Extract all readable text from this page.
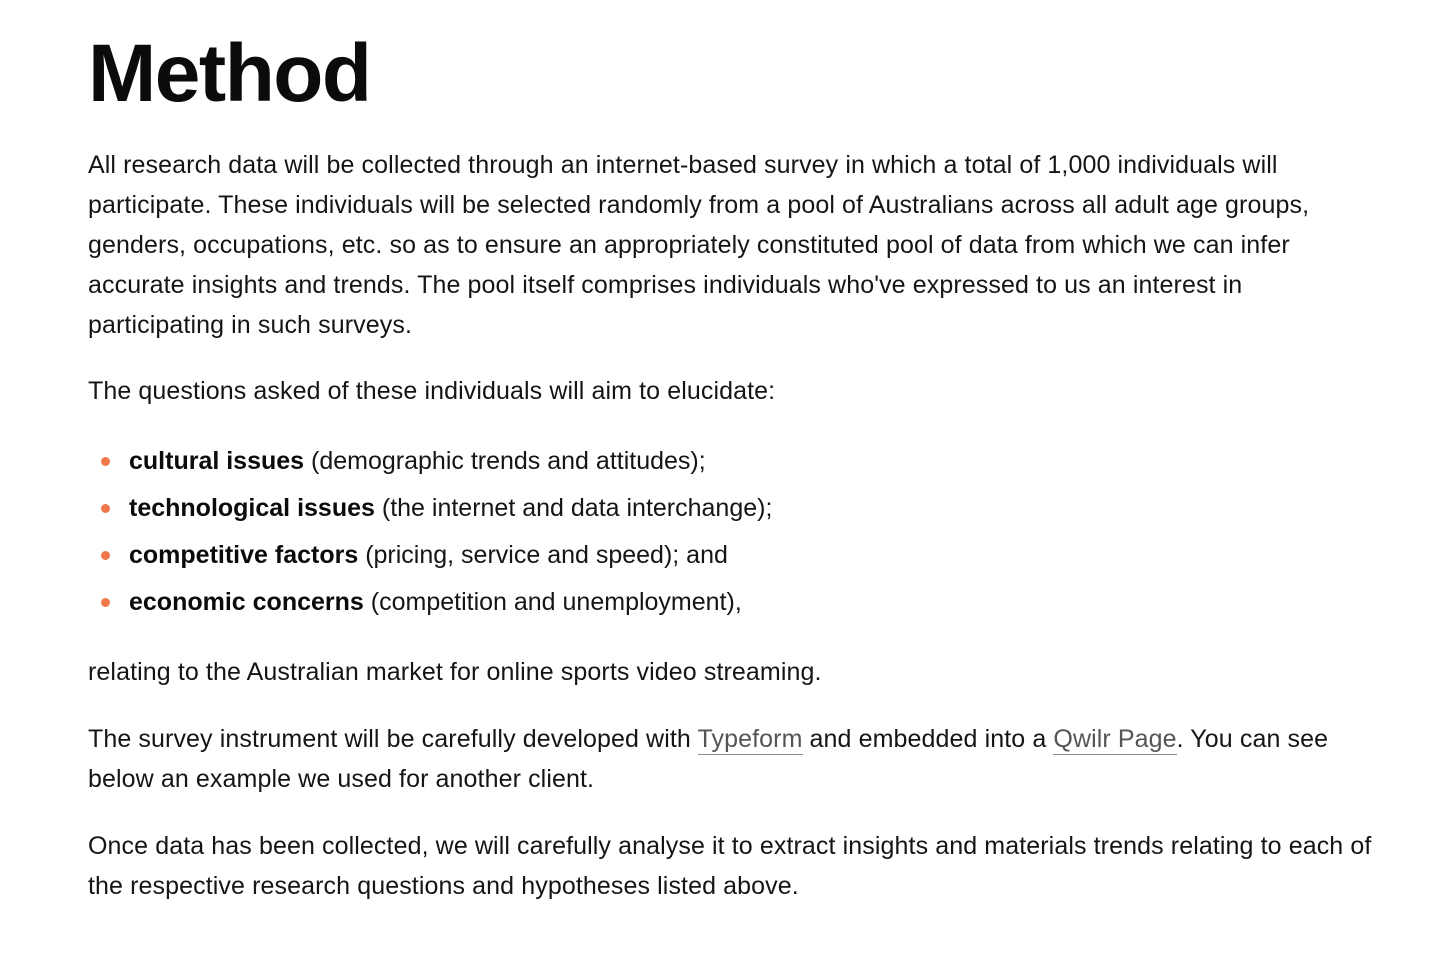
Method

All research data will be collected through an internet-based survey in which a total of 1,000 individuals will participate. These individuals will be selected randomly from a pool of Australians across all adult age groups, genders, occupations, etc. so as to ensure an appropriately constituted pool of data from which we can infer accurate insights and trends. The pool itself comprises individuals who've expressed to us an interest in participating in such surveys.

The questions asked of these individuals will aim to elucidate:

cultural issues (demographic trends and attitudes);
technological issues (the internet and data interchange);
competitive factors (pricing, service and speed); and
economic concerns (competition and unemployment),

relating to the Australian market for online sports video streaming.

The survey instrument will be carefully developed with Typeform and embedded into a Qwilr Page. You can see below an example we used for another client.

Once data has been collected, we will carefully analyse it to extract insights and materials trends relating to each of the respective research questions and hypotheses listed above.
